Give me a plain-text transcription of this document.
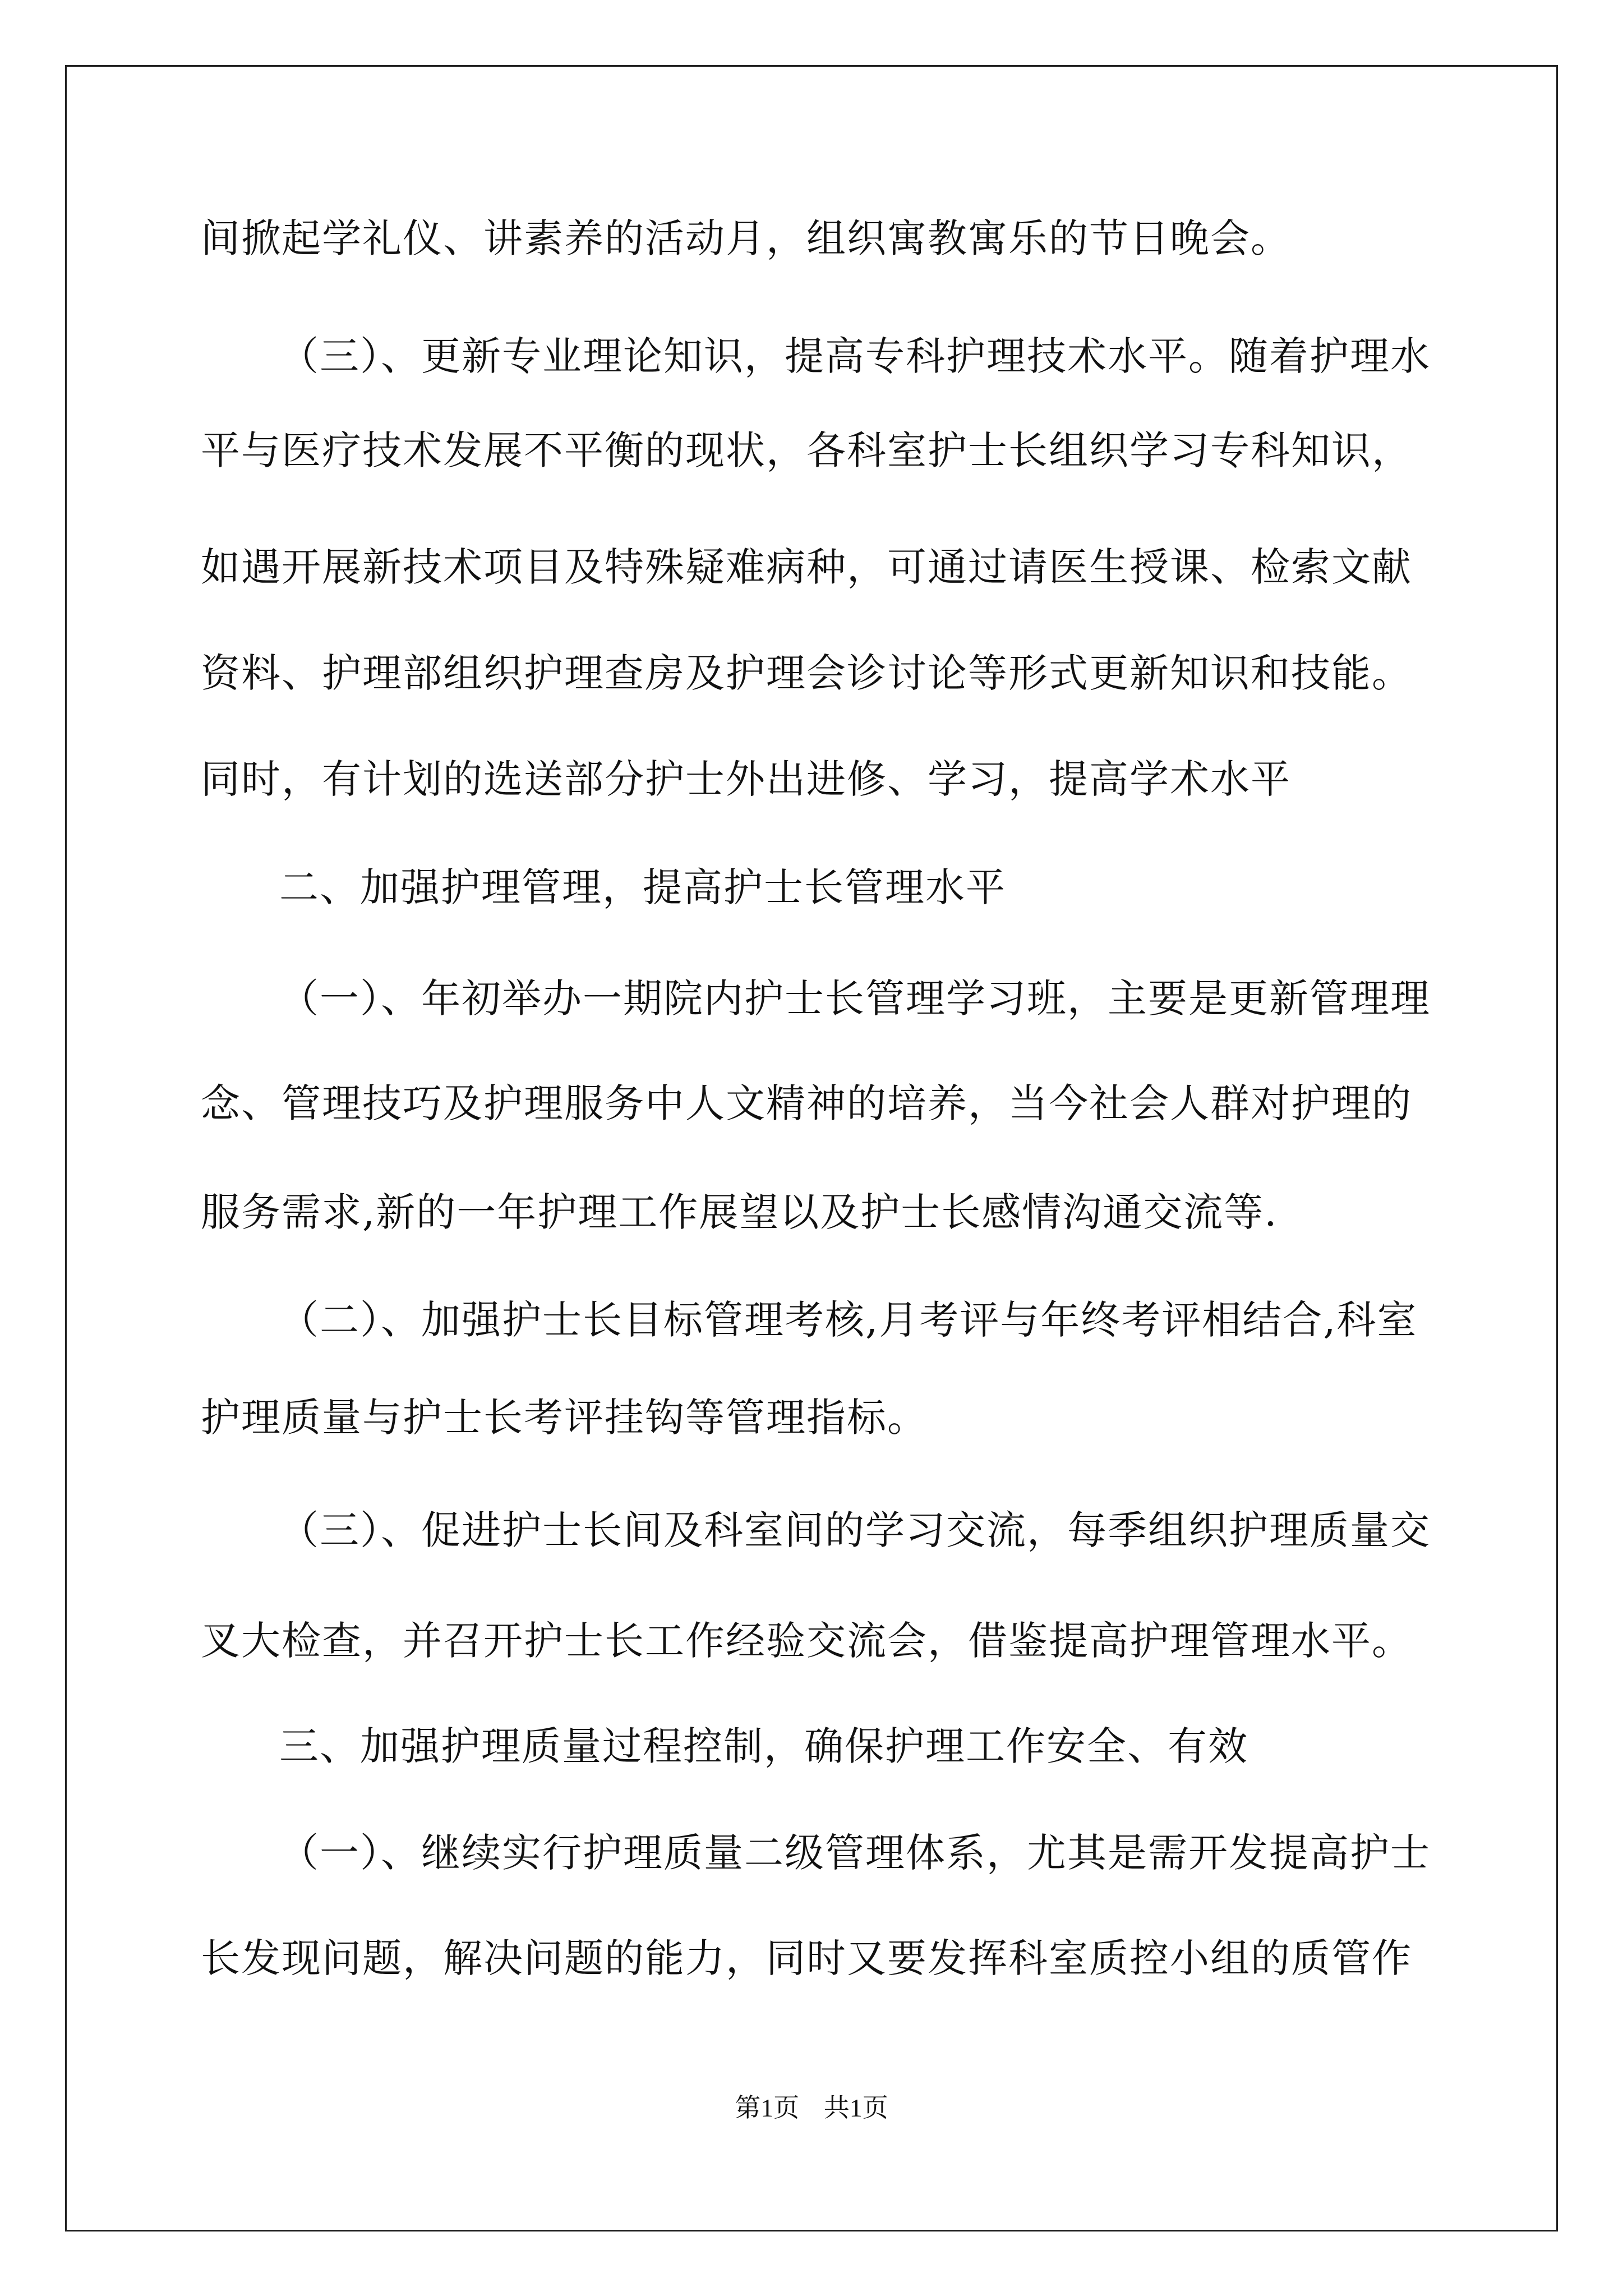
间掀起学礼仪、讲素养的活动月，组织寓教寓乐的节日晚会。
（三）、更新专业理论知识，提高专科护理技术水平。随着护理水
平与医疗技术发展不平衡的现状，各科室护士长组织学习专科知识，
如遇开展新技术项目及特殊疑难病种，可通过请医生授课、检索文献
资料、护理部组织护理查房及护理会诊讨论等形式更新知识和技能。
同时，有计划的选送部分护士外出进修、学习，提高学术水平
二、加强护理管理，提高护士长管理水平
（一）、年初举办一期院内护士长管理学习班，主要是更新管理理
念、管理技巧及护理服务中人文精神的培养，当今社会人群对护理的
服务需求,新的一年护理工作展望以及护士长感情沟通交流等.
（二）、加强护士长目标管理考核,月考评与年终考评相结合,科室
护理质量与护士长考评挂钩等管理指标。
（三）、促进护士长间及科室间的学习交流，每季组织护理质量交
叉大检查，并召开护士长工作经验交流会，借鉴提高护理管理水平。
三、加强护理质量过程控制，确保护理工作安全、有效
（一）、继续实行护理质量二级管理体系，尤其是需开发提高护士
长发现问题，解决问题的能力，同时又要发挥科室质控小组的质管作
第1页 共1页
